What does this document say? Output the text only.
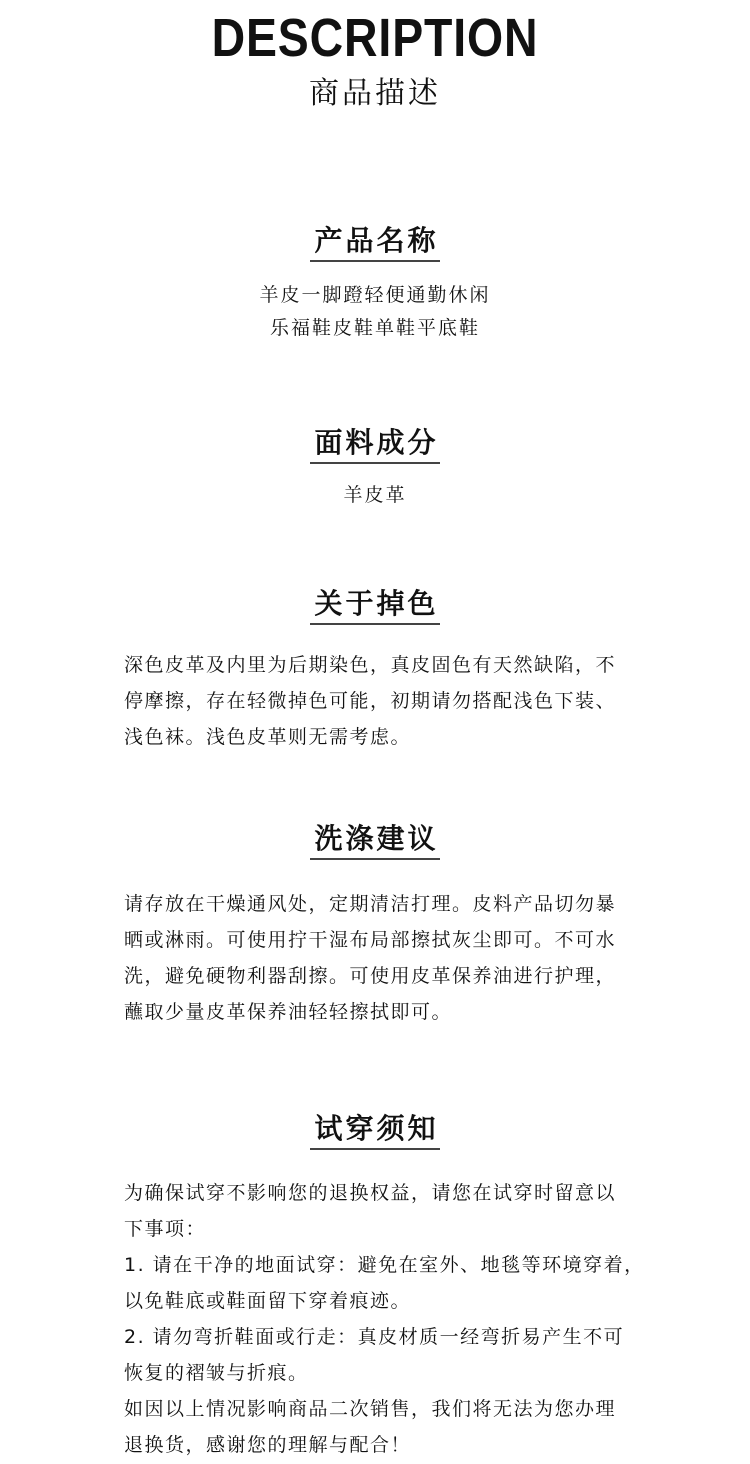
DESCRIPTION
商品描述
产品名称
羊皮一脚蹬轻便通勤休闲
乐福鞋皮鞋单鞋平底鞋
面料成分
羊皮革
关于掉色
深色皮革及内里为后期染色，真皮固色有天然缺陷，不
停摩擦，存在轻微掉色可能，初期请勿搭配浅色下装、
浅色袜。浅色皮革则无需考虑。
洗涤建议
请存放在干燥通风处，定期清洁打理。皮料产品切勿暴
晒或淋雨。可使用拧干湿布局部擦拭灰尘即可。不可水
洗，避免硬物利器刮擦。可使用皮革保养油进行护理，
蘸取少量皮革保养油轻轻擦拭即可。
试穿须知
为确保试穿不影响您的退换权益，请您在试穿时留意以
下事项：
1. 请在干净的地面试穿：避免在室外、地毯等环境穿着，
以免鞋底或鞋面留下穿着痕迹。
2. 请勿弯折鞋面或行走：真皮材质一经弯折易产生不可
恢复的褶皱与折痕。
如因以上情况影响商品二次销售，我们将无法为您办理
退换货，感谢您的理解与配合！
